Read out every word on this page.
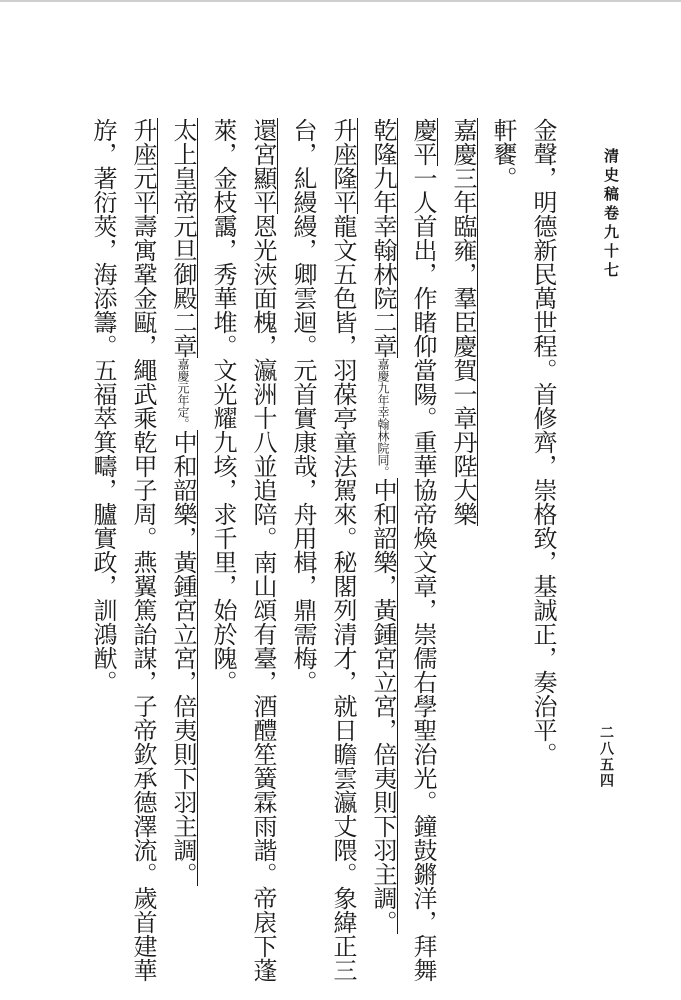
清史稿卷九十七
二八五四
金聲，明德新民萬世程。首修齊，崇格致，基誠正，奏治平。
軒饔。
嘉慶三年臨雍，羣臣慶賀一章丹陛大樂
慶平一人首出，作睹仰當陽。重華協帝煥文章，崇儒右學聖治光。鐘鼓鏘洋，拜舞
乾隆九年幸翰林院二章嘉慶九年幸翰林院同。中和韶樂，黃鍾宮立宮，倍夷則下羽主調。
升座隆平龍文五色皆，羽葆亭童法駕來。秘閣列清才，就日瞻雲瀛丈隈。象緯正三
台，糺縵縵，卿雲迴。元首實康哉，舟用楫，鼎需梅。
還宮顯平恩光浹面槐，瀛洲十八並追陪。南山頌有臺，酒醴笙簧霖雨諧。帝扆下蓬
萊，金枝靄，秀華堆。文光耀九垓，求千里，始於隗。
太上皇帝元旦御殿二章嘉慶元年定。中和韶樂，黃鍾宮立宮，倍夷則下羽主調。
升座元平壽寓鞏金甌，繩武乘乾甲子周。燕翼篤詒謀，子帝欽承德澤流。歲首建華
斿，著衍莢，海添籌。五福萃箕疇，臚實政，訓鴻猷。
